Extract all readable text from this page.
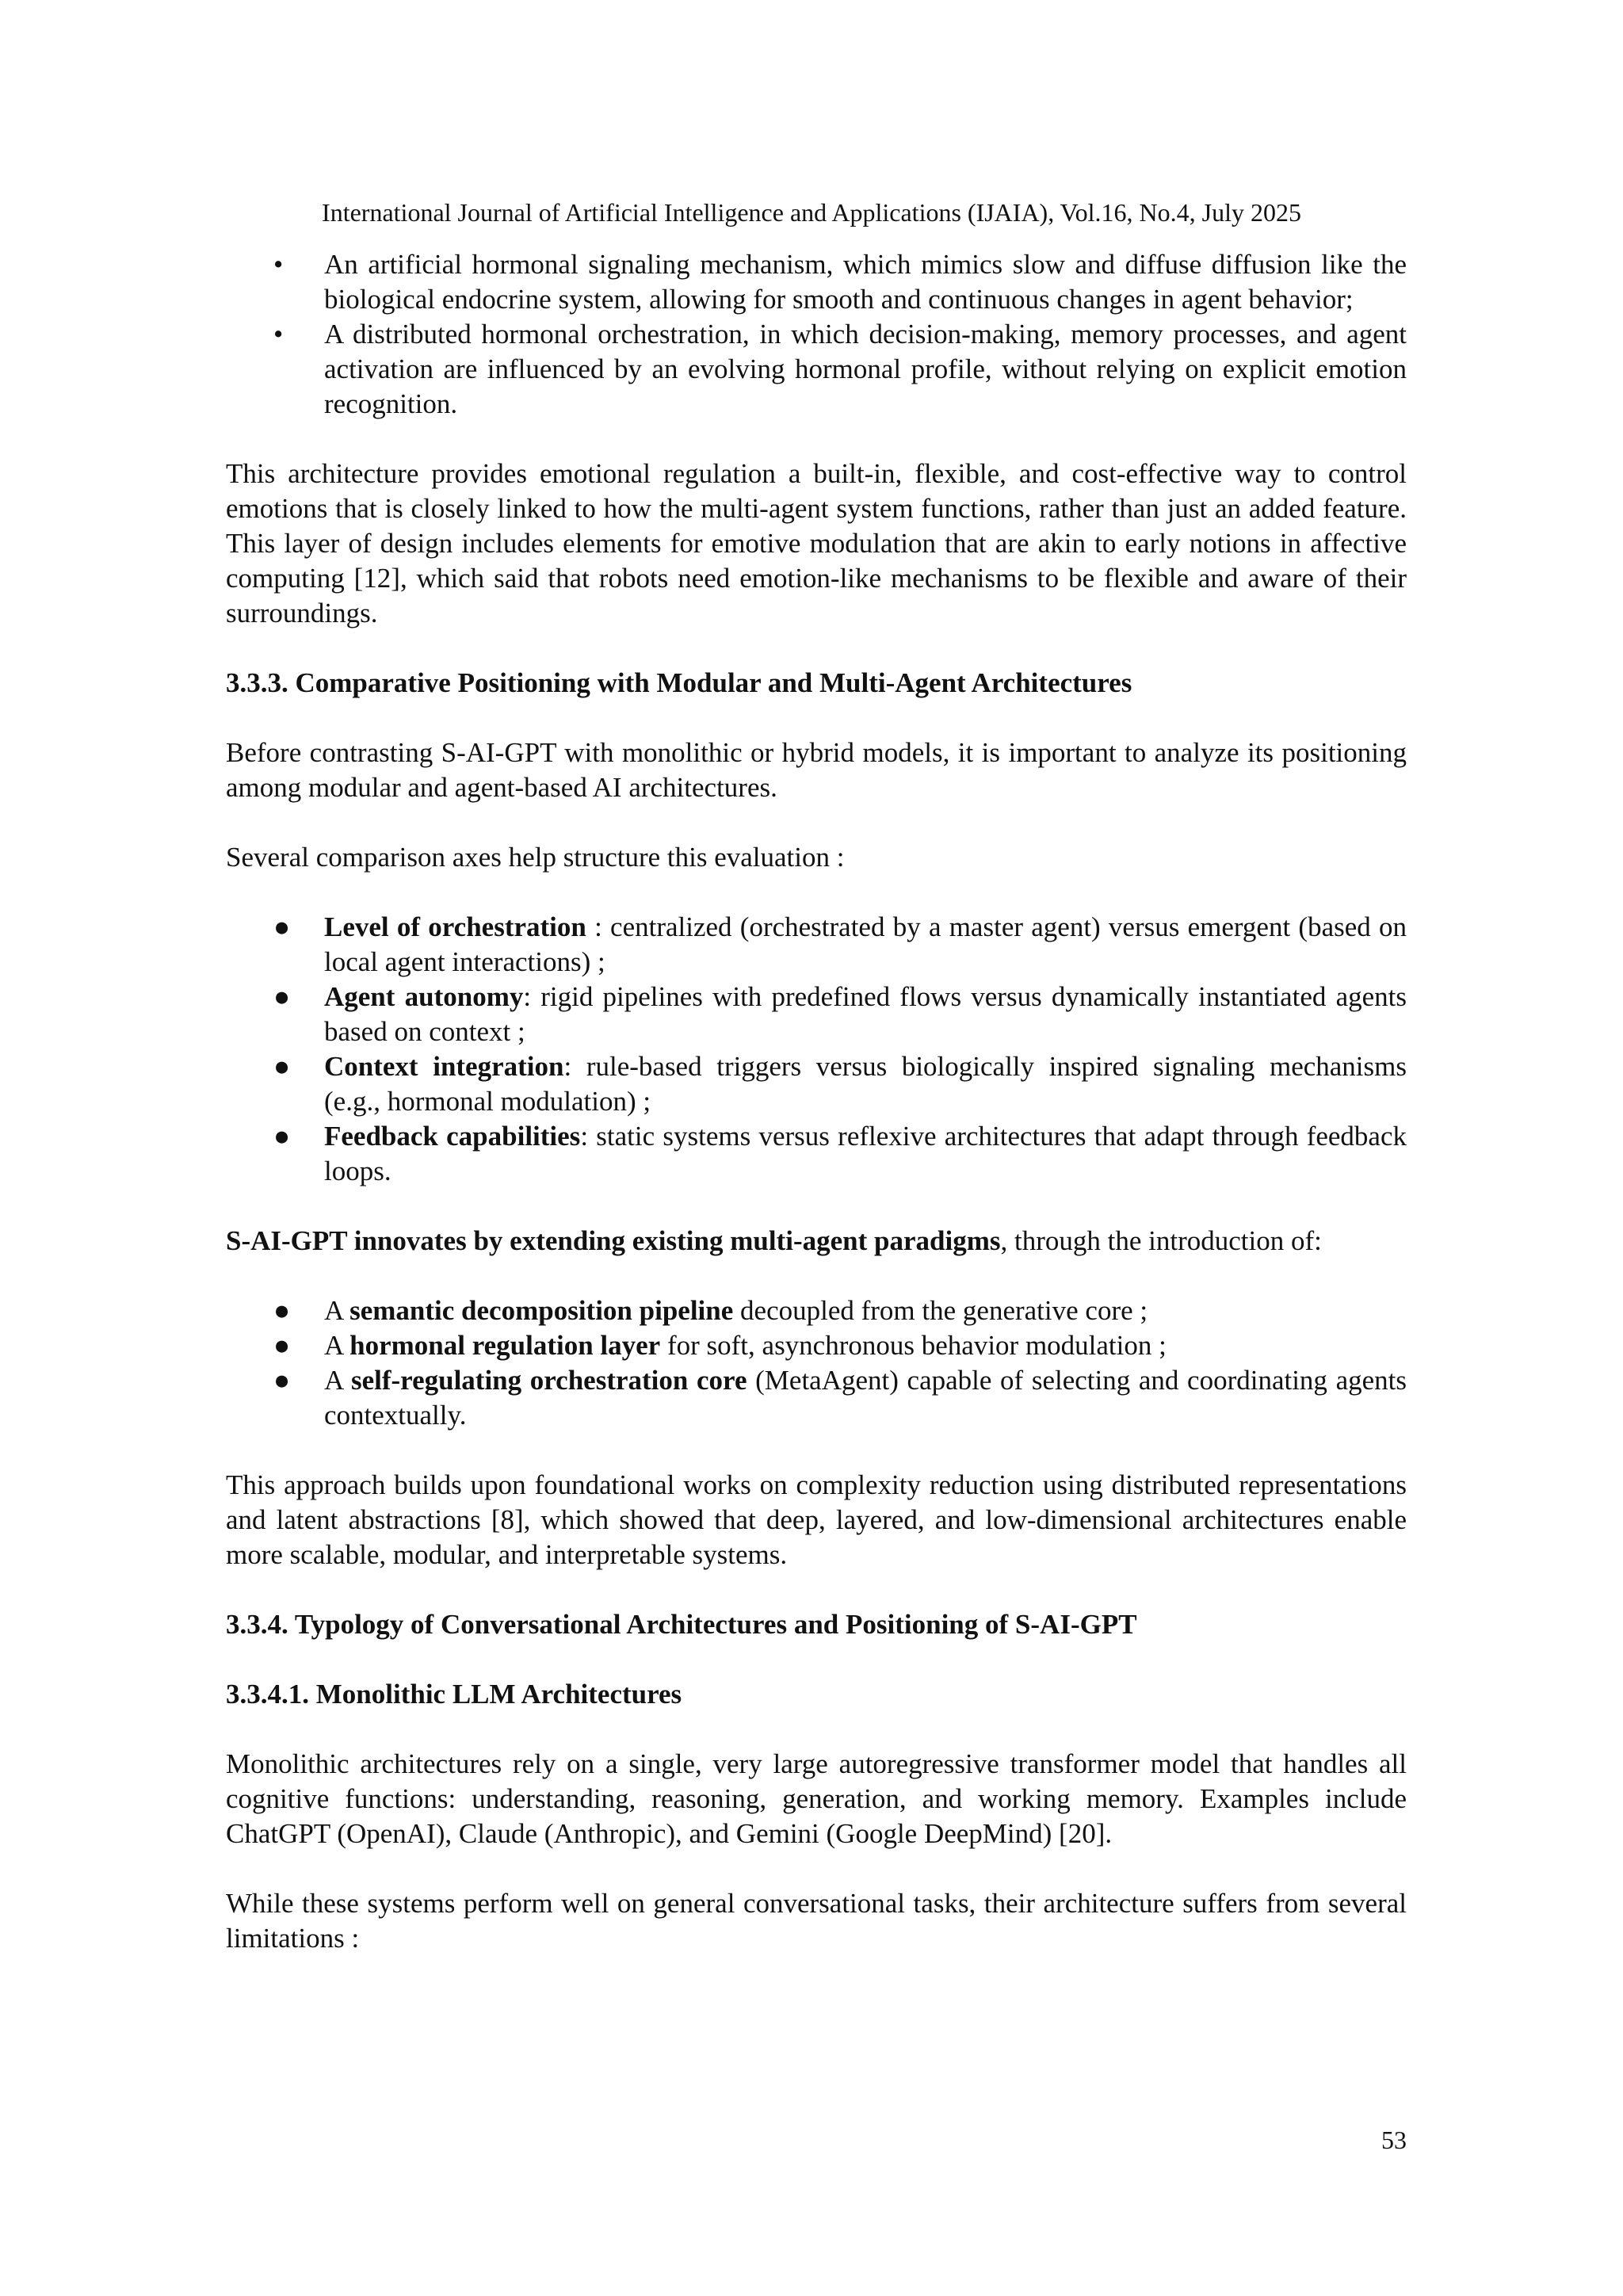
International Journal of Artificial Intelligence and Applications (IJAIA), Vol.16, No.4, July 2025
• An artificial hormonal signaling mechanism, which mimics slow and diffuse diffusion like the biological endocrine system, allowing for smooth and continuous changes in agent behavior;
• A distributed hormonal orchestration, in which decision-making, memory processes, and agent activation are influenced by an evolving hormonal profile, without relying on explicit emotion recognition.

This architecture provides emotional regulation a built-in, flexible, and cost-effective way to control emotions that is closely linked to how the multi-agent system functions, rather than just an added feature. This layer of design includes elements for emotive modulation that are akin to early notions in affective computing [12], which said that robots need emotion-like mechanisms to be flexible and aware of their surroundings.

3.3.3. Comparative Positioning with Modular and Multi-Agent Architectures

Before contrasting S-AI-GPT with monolithic or hybrid models, it is important to analyze its positioning among modular and agent-based AI architectures.

Several comparison axes help structure this evaluation :

● Level of orchestration : centralized (orchestrated by a master agent) versus emergent (based on local agent interactions) ;
● Agent autonomy: rigid pipelines with predefined flows versus dynamically instantiated agents based on context ;
● Context integration: rule-based triggers versus biologically inspired signaling mechanisms (e.g., hormonal modulation) ;
● Feedback capabilities: static systems versus reflexive architectures that adapt through feedback loops.

S-AI-GPT innovates by extending existing multi-agent paradigms, through the introduction of:

● A semantic decomposition pipeline decoupled from the generative core ;
● A hormonal regulation layer for soft, asynchronous behavior modulation ;
● A self-regulating orchestration core (MetaAgent) capable of selecting and coordinating agents contextually.

This approach builds upon foundational works on complexity reduction using distributed representations and latent abstractions [8], which showed that deep, layered, and low-dimensional architectures enable more scalable, modular, and interpretable systems.

3.3.4. Typology of Conversational Architectures and Positioning of S-AI-GPT
3.3.4.1. Monolithic LLM Architectures

Monolithic architectures rely on a single, very large autoregressive transformer model that handles all cognitive functions: understanding, reasoning, generation, and working memory. Examples include ChatGPT (OpenAI), Claude (Anthropic), and Gemini (Google DeepMind) [20].

While these systems perform well on general conversational tasks, their architecture suffers from several limitations :

53
